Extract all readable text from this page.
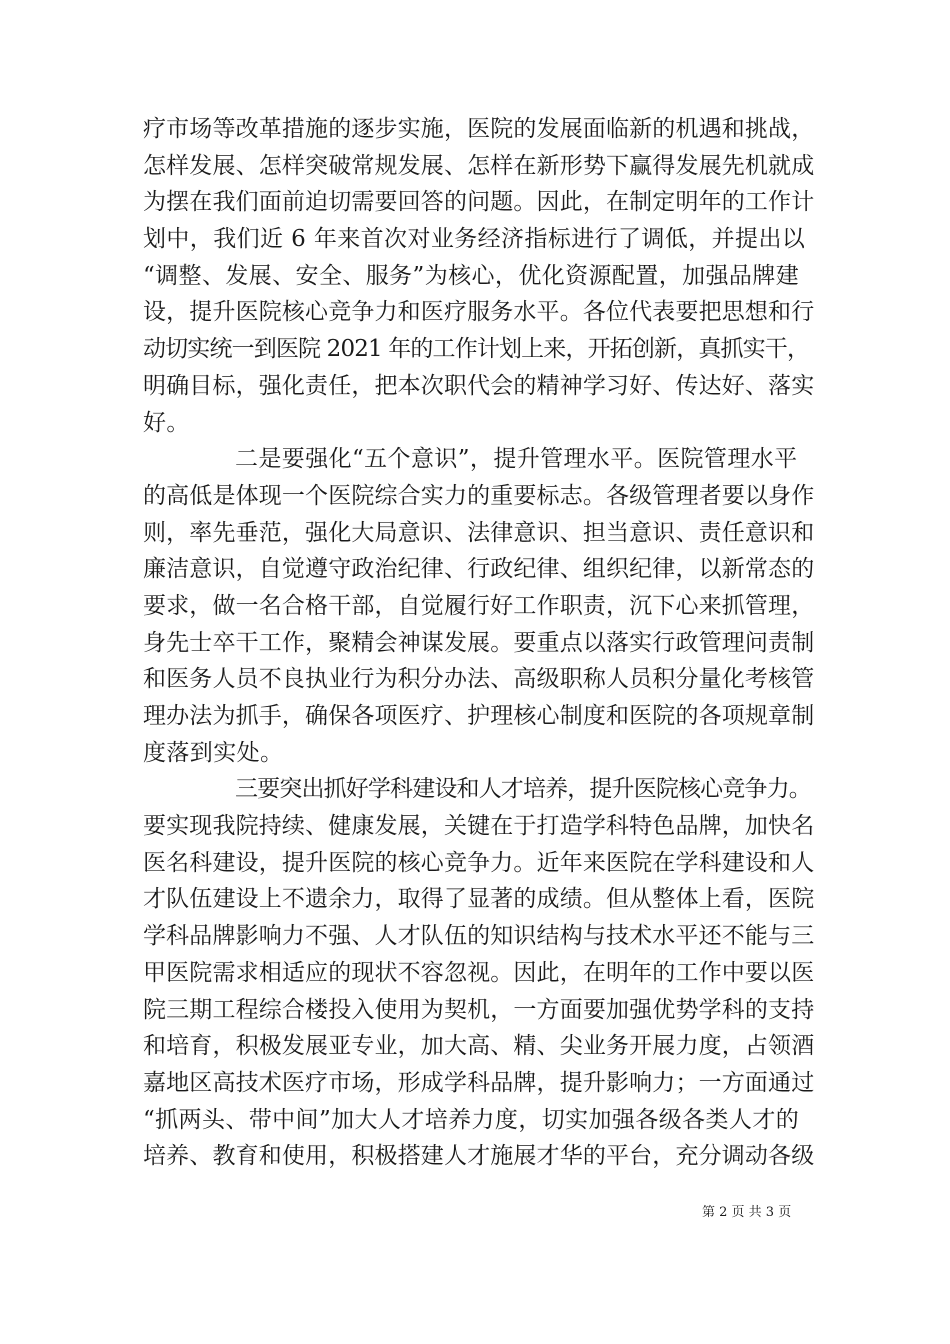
疗市场等改革措施的逐步实施，医院的发展面临新的机遇和挑战，
怎样发展、怎样突破常规发展、怎样在新形势下赢得发展先机就成
为摆在我们面前迫切需要回答的问题。因此，在制定明年的工作计
划中，我们近 6 年来首次对业务经济指标进行了调低，并提出以
“调整、发展、安全、服务”为核心，优化资源配置，加强品牌建
设，提升医院核心竞争力和医疗服务水平。各位代表要把思想和行
动切实统一到医院 2021 年的工作计划上来，开拓创新，真抓实干，
明确目标，强化责任，把本次职代会的精神学习好、传达好、落实
好。
二是要强化“五个意识”，提升管理水平。医院管理水平
的高低是体现一个医院综合实力的重要标志。各级管理者要以身作
则，率先垂范，强化大局意识、法律意识、担当意识、责任意识和
廉洁意识，自觉遵守政治纪律、行政纪律、组织纪律，以新常态的
要求，做一名合格干部，自觉履行好工作职责，沉下心来抓管理，
身先士卒干工作，聚精会神谋发展。要重点以落实行政管理问责制
和医务人员不良执业行为积分办法、高级职称人员积分量化考核管
理办法为抓手，确保各项医疗、护理核心制度和医院的各项规章制
度落到实处。
三要突出抓好学科建设和人才培养，提升医院核心竞争力。
要实现我院持续、健康发展，关键在于打造学科特色品牌，加快名
医名科建设，提升医院的核心竞争力。近年来医院在学科建设和人
才队伍建设上不遗余力，取得了显著的成绩。但从整体上看，医院
学科品牌影响力不强、人才队伍的知识结构与技术水平还不能与三
甲医院需求相适应的现状不容忽视。因此，在明年的工作中要以医
院三期工程综合楼投入使用为契机，一方面要加强优势学科的支持
和培育，积极发展亚专业，加大高、精、尖业务开展力度，占领酒
嘉地区高技术医疗市场，形成学科品牌，提升影响力；一方面通过
“抓两头、带中间”加大人才培养力度，切实加强各级各类人才的
培养、教育和使用，积极搭建人才施展才华的平台，充分调动各级
第 2 页 共 3 页
